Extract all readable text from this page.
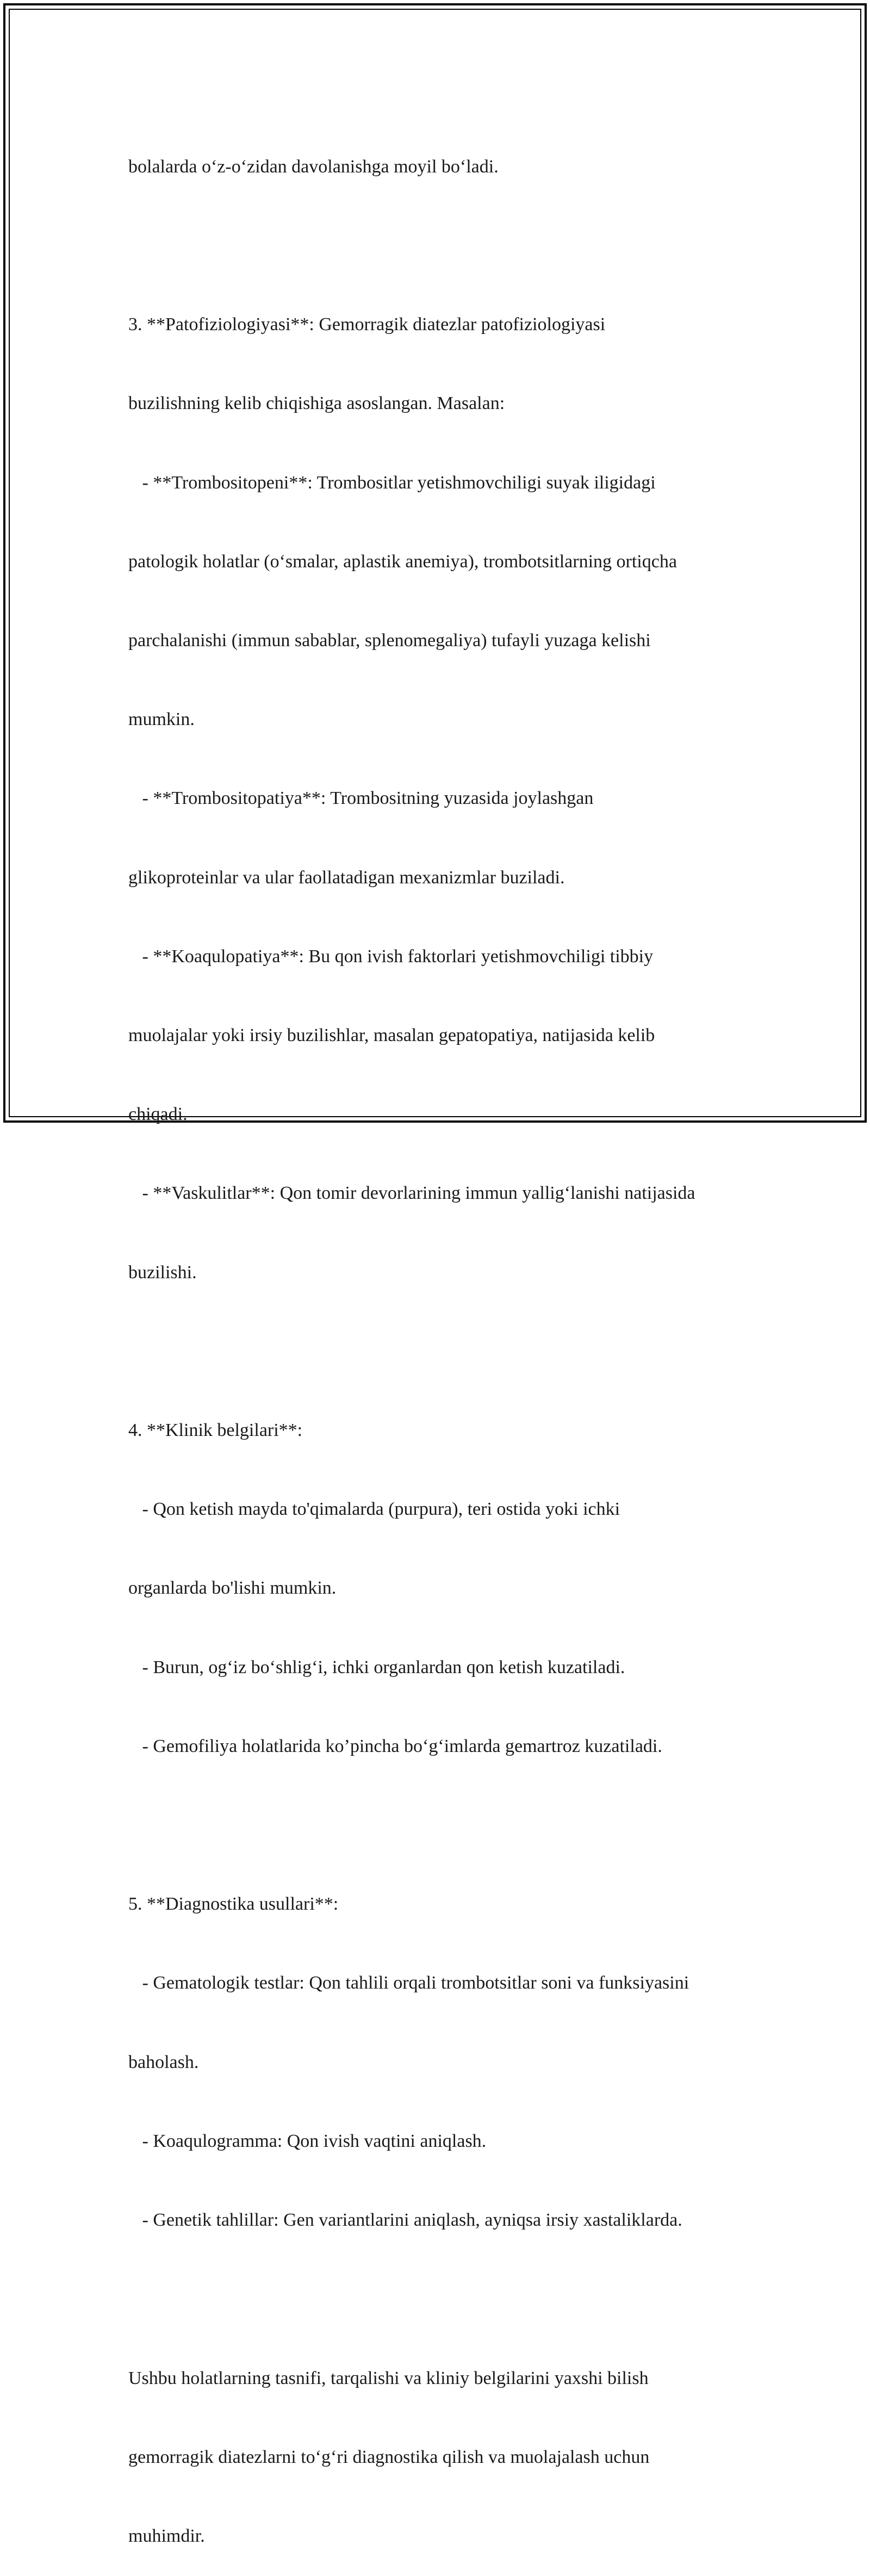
bolalarda o‘z-o‘zidan davolanishga moyil bo‘ladi.

3. **Patofiziologiyasi**: Gemorragik diatezlar patofiziologiyasi

buzilishning kelib chiqishiga asoslangan. Masalan:

- **Trombositopeni**: Trombositlar yetishmovchiligi suyak iligidagi

patologik holatlar (o‘smalar, aplastik anemiya), trombotsitlarning ortiqcha

parchalanishi (immun sabablar, splenomegaliya) tufayli yuzaga kelishi

mumkin.

- **Trombositopatiya**: Trombositning yuzasida joylashgan

glikoproteinlar va ular faollatadigan mexanizmlar buziladi.

- **Koaqulopatiya**: Bu qon ivish faktorlari yetishmovchiligi tibbiy

muolajalar yoki irsiy buzilishlar, masalan gepatopatiya, natijasida kelib

chiqadi.

- **Vaskulitlar**: Qon tomir devorlarining immun yallig‘lanishi natijasida

buzilishi.

4. **Klinik belgilari**:

- Qon ketish mayda to'qimalarda (purpura), teri ostida yoki ichki

organlarda bo'lishi mumkin.

- Burun, og‘iz bo‘shlig‘i, ichki organlardan qon ketish kuzatiladi.

- Gemofiliya holatlarida ko’pincha bo‘g‘imlarda gemartroz kuzatiladi.

5. **Diagnostika usullari**:

- Gematologik testlar: Qon tahlili orqali trombotsitlar soni va funksiyasini

baholash.

- Koaqulogramma: Qon ivish vaqtini aniqlash.

- Genetik tahlillar: Gen variantlarini aniqlash, ayniqsa irsiy xastaliklarda.

Ushbu holatlarning tasnifi, tarqalishi va kliniy belgilarini yaxshi bilish

gemorragik diatezlarni to‘g‘ri diagnostika qilish va muolajalash uchun

muhimdir.
